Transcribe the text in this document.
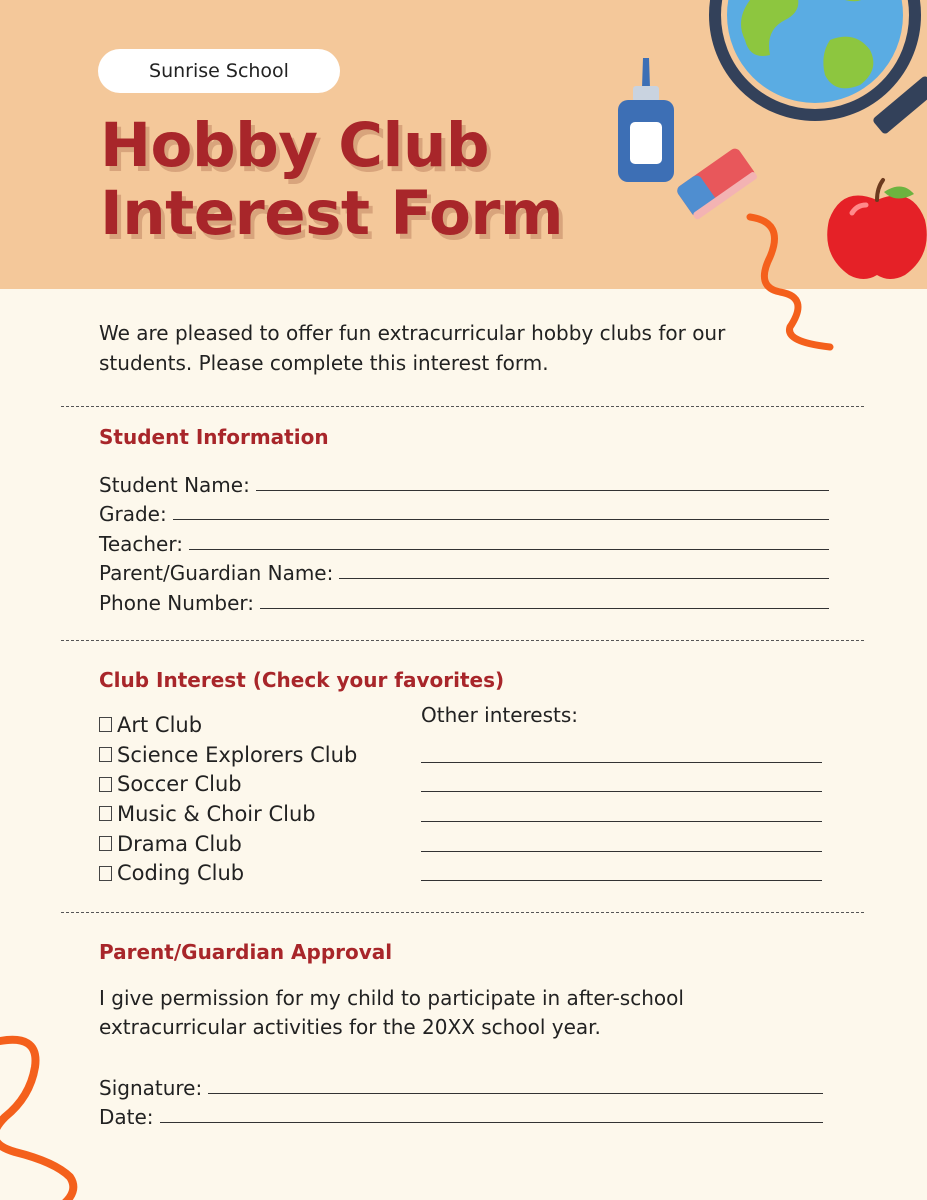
Sunrise School
Hobby Club
Interest Form

We are pleased to offer fun extracurricular hobby clubs for our students. Please complete this interest form.

Student Information
Student Name:
Grade:
Teacher:
Parent/Guardian Name:
Phone Number:
Club Interest (Check your favorites)
Art Club
Science Explorers Club
Soccer Club
Music & Choir Club
Drama Club
Coding Club
Other interests:
Parent/Guardian Approval

I give permission for my child to participate in after-school extracurricular activities for the 20XX school year.

Signature:
Date:
